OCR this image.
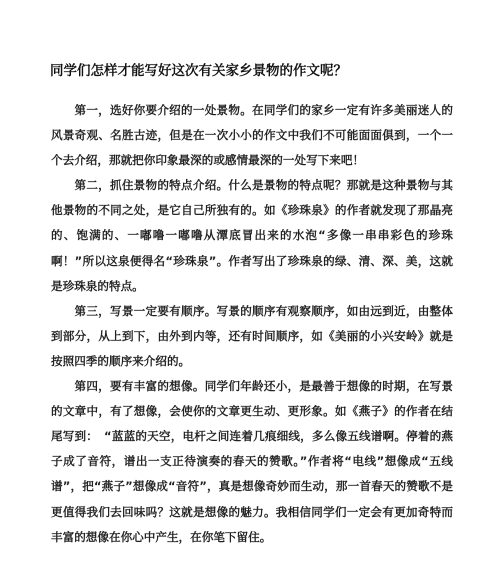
同学们怎样才能写好这次有关家乡景物的作文呢？

第一，选好你要介绍的一处景物。在同学们的家乡一定有许多美丽迷人的风景奇观、名胜古迹，但是在一次小小的作文中我们不可能面面俱到，一个一个去介绍，那就把你印象最深的或感情最深的一处写下来吧！

第二，抓住景物的特点介绍。什么是景物的特点呢？那就是这种景物与其他景物的不同之处，是它自己所独有的。如《珍珠泉》的作者就发现了那晶亮的、饱满的、一嘟噜一嘟噜从潭底冒出来的水泡“多像一串串彩色的珍珠啊！”所以这泉便得名“珍珠泉”。作者写出了珍珠泉的绿、清、深、美，这就是珍珠泉的特点。

第三，写景一定要有顺序。写景的顺序有观察顺序，如由远到近，由整体到部分，从上到下，由外到内等，还有时间顺序，如《美丽的小兴安岭》就是按照四季的顺序来介绍的。

第四，要有丰富的想像。同学们年龄还小，是最善于想像的时期，在写景的文章中，有了想像，会使你的文章更生动、更形象。如《燕子》的作者在结尾写到：　“蓝蓝的天空，电杆之间连着几痕细线，多么像五线谱啊。停着的燕子成了音符，谱出一支正待演奏的春天的赞歌。”作者将“电线”想像成“五线谱”，把“燕子”想像成“音符”，真是想像奇妙而生动，那一首春天的赞歌不是更值得我们去回味吗？这就是想像的魅力。我相信同学们一定会有更加奇特而丰富的想像在你心中产生，在你笔下留住。
